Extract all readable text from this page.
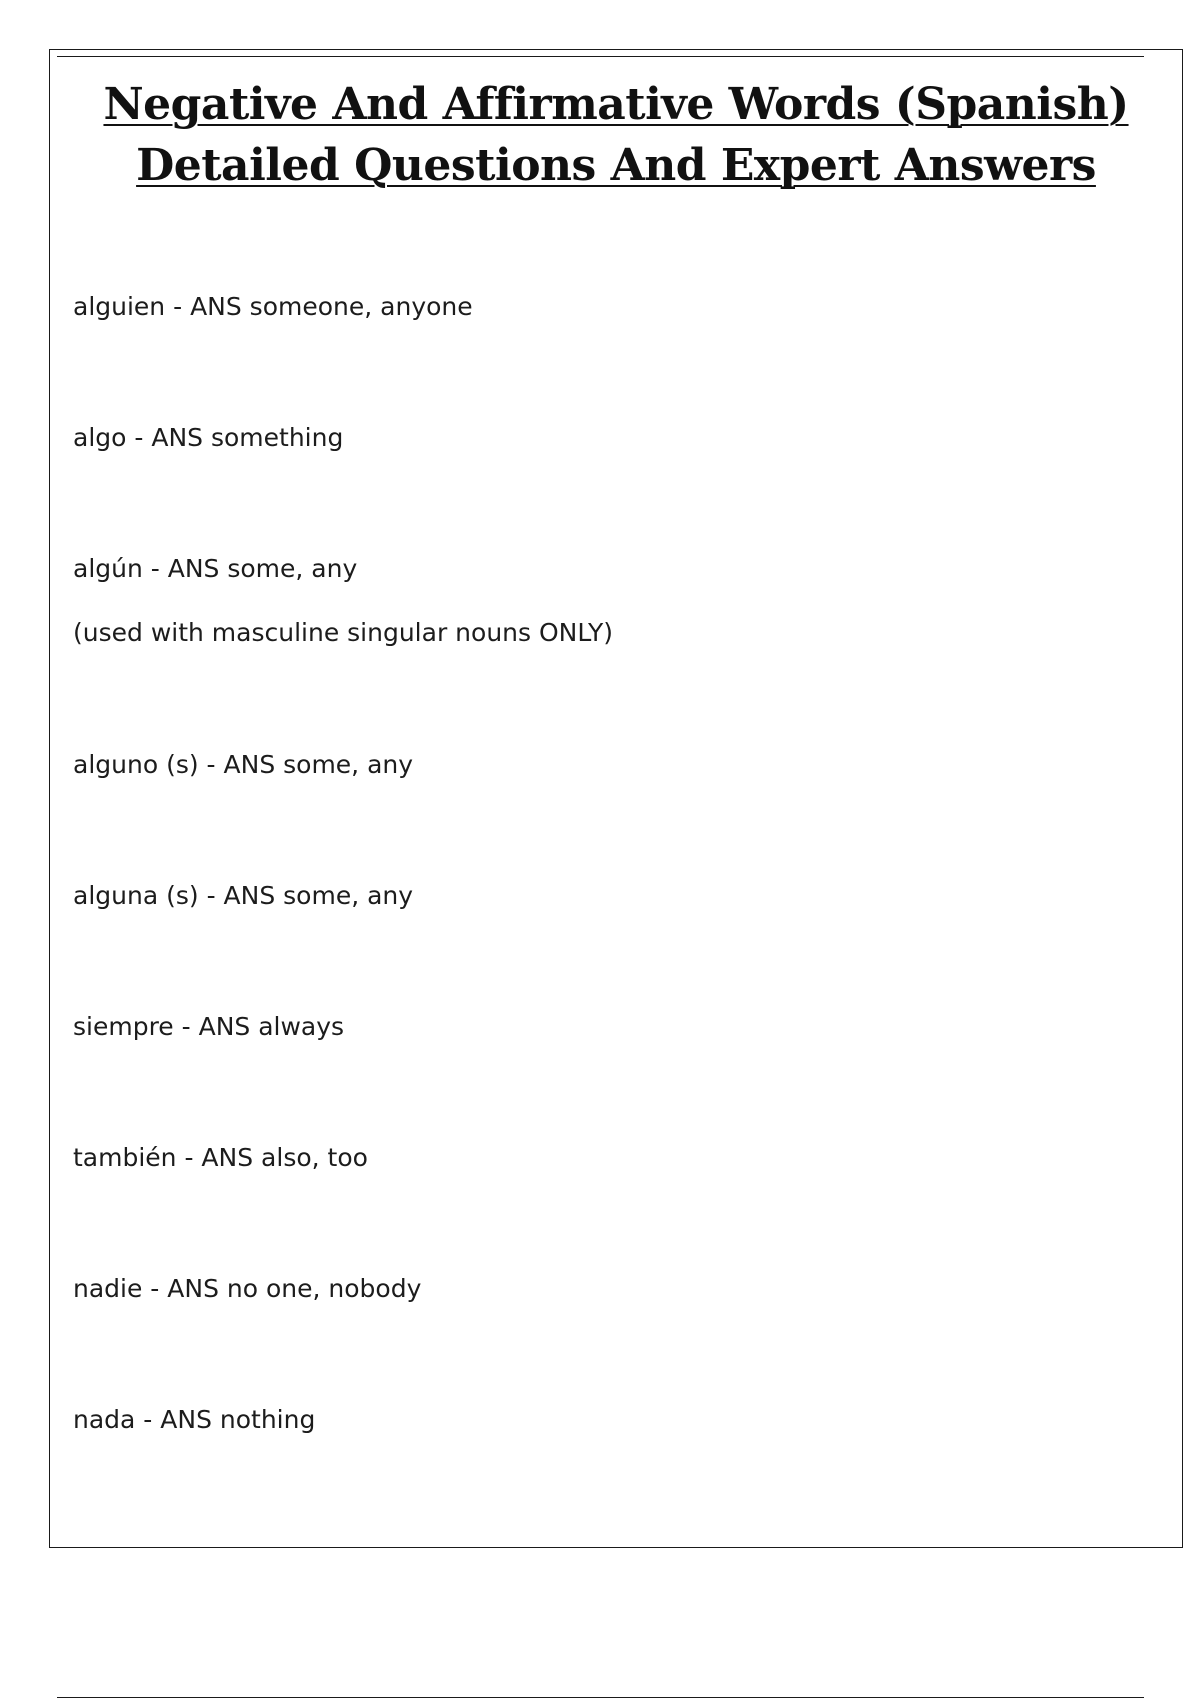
Negative And Affirmative Words (Spanish)
Detailed Questions And Expert Answers
alguien - ANS someone, anyone
algo - ANS something
algún - ANS some, any
(used with masculine singular nouns ONLY)
alguno (s) - ANS some, any
alguna (s) - ANS some, any
siempre - ANS always
también - ANS also, too
nadie - ANS no one, nobody
nada - ANS nothing
